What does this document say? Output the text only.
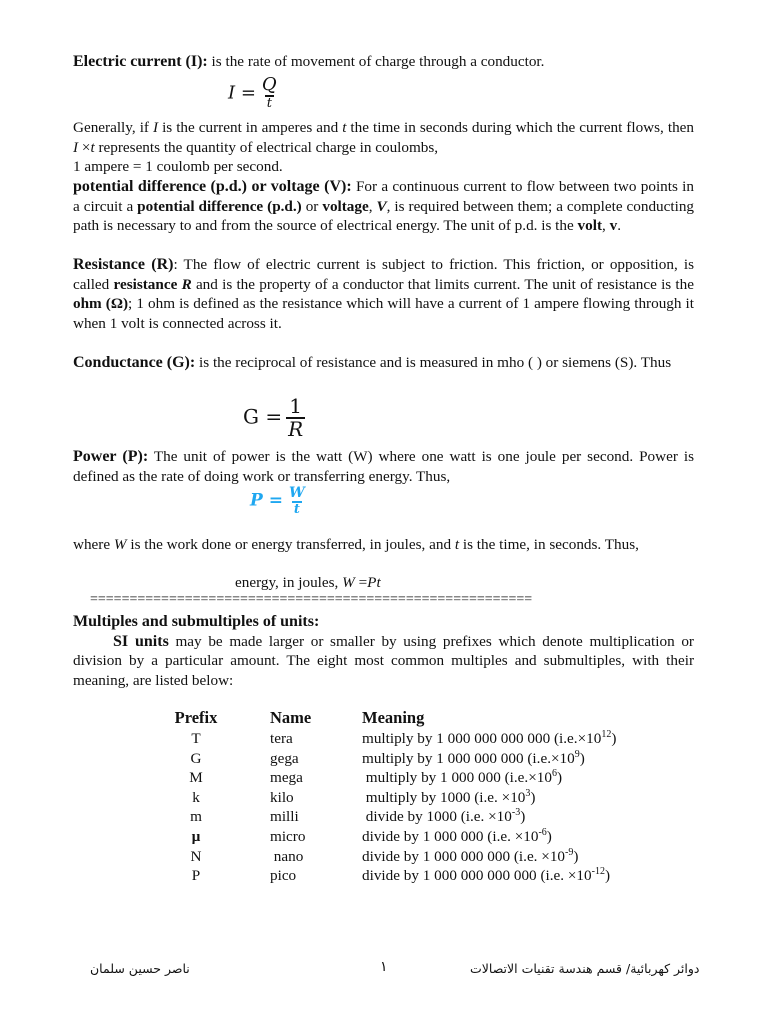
Electric current (I): is the rate of movement of charge through a conductor.

$I = \frac{Q}{t}$

Generally, if I is the current in amperes and t the time in seconds during which the current flows, then I ×t represents the quantity of electrical charge in coulombs,
1 ampere = 1 coulomb per second.

potential difference (p.d.) or voltage (V): For a continuous current to flow between two points in a circuit a potential difference (p.d.) or voltage, V, is required between them; a complete conducting path is necessary to and from the source of electrical energy. The unit of p.d. is the volt, v.

Resistance (R): The flow of electric current is subject to friction. This friction, or opposition, is called resistance R and is the property of a conductor that limits current. The unit of resistance is the ohm (Ω); 1 ohm is defined as the resistance which will have a current of 1 ampere flowing through it when 1 volt is connected across it.

Conductance (G): is the reciprocal of resistance and is measured in mho ( ) or siemens (S). Thus

$G = \frac{1}{R}$

Power (P): The unit of power is the watt (W) where one watt is one joule per second. Power is defined as the rate of doing work or transferring energy. Thus,

$P = \frac{W}{t}$

where W is the work done or energy transferred, in joules, and t is the time, in seconds. Thus,

energy, in joules, W =Pt
========================================================

Multiples and submultiples of units:
SI units may be made larger or smaller by using prefixes which denote multiplication or division by a particular amount. The eight most common multiples and submultiples, with their meaning, are listed below:

Prefix	Name	Meaning
T	tera	multiply by 1 000 000 000 000 $(i.e.\times 10^{12})$
G	gega	multiply by 1 000 000 000 $(i.e.\times 10^9)$
M	mega	multiply by 1 000 000 $(i.e.\times 10^6)$
k	kilo	multiply by 1000 (i.e. $\times 10^3$)
m	milli	divide by 1000 (i.e. $\times 10^{-3}$)
µ	micro	divide by 1 000 000 (i.e. $\times 10^{-6}$)
N	nano	divide by 1 000 000 000 (i.e. $\times 10^{-9}$)
P	pico	divide by 1 000 000 000 000 (i.e. $\times 10^{-12}$)
دوائر كهربائية/ قسم هندسة تقنيات الاتصالات
١
ناصر حسين سلمان
